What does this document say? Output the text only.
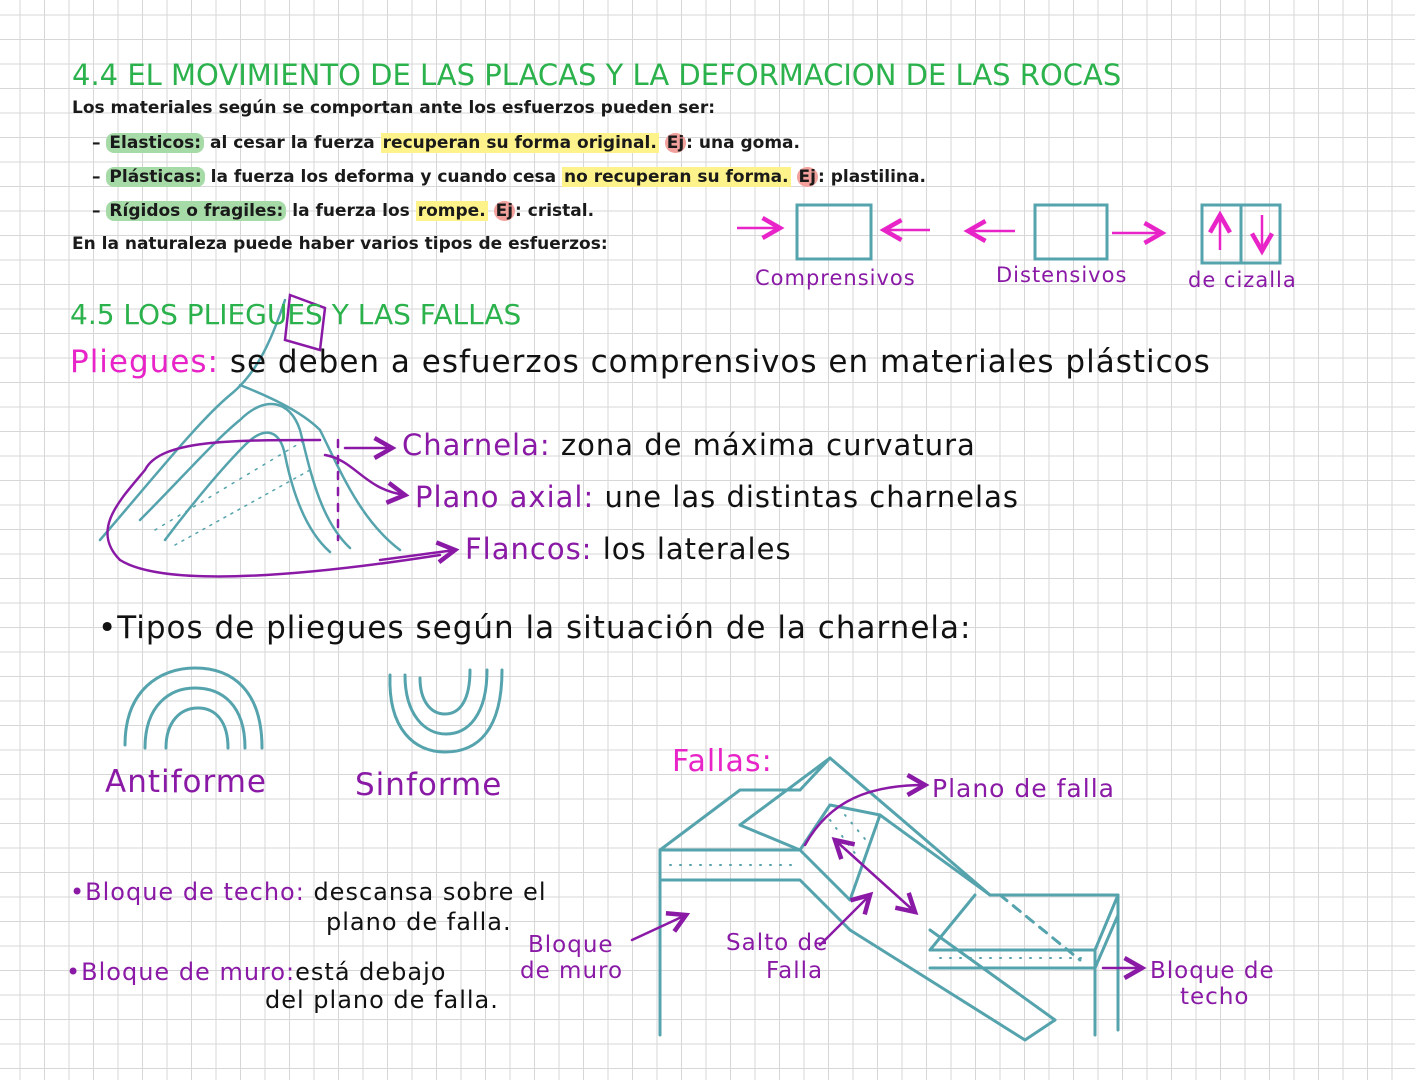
4.4 EL MOVIMIENTO DE LAS PLACAS Y LA DEFORMACION DE LAS ROCAS
Los materiales según se comportan ante los esfuerzos pueden ser:
– Elasticos: al cesar la fuerza recuperan su forma original. Ej : una goma.
– Plásticas: la fuerza los deforma y cuando cesa no recuperan su forma. Ej : plastilina.
– Rígidos o fragiles: la fuerza los rompe. Ej : cristal.
En la naturaleza puede haber varios tipos de esfuerzos:
Comprensivos	Distensivos	de cizalla
4.5 LOS PLIEGUES Y LAS FALLAS
Pliegues: se deben a esfuerzos comprensivos en materiales plásticos
Charnela: zona de máxima curvatura
Plano axial: une las distintas charnelas
Flancos: los laterales
•Tipos de pliegues según la situación de la charnela:
Antiforme	Sinforme
Fallas:
Plano de falla
•Bloque de techo: descansa sobre el
plano de falla.
•Bloque de muro:está debajo
del plano de falla.
Bloque
de muro
Salto de
Falla	Bloque de
techo
